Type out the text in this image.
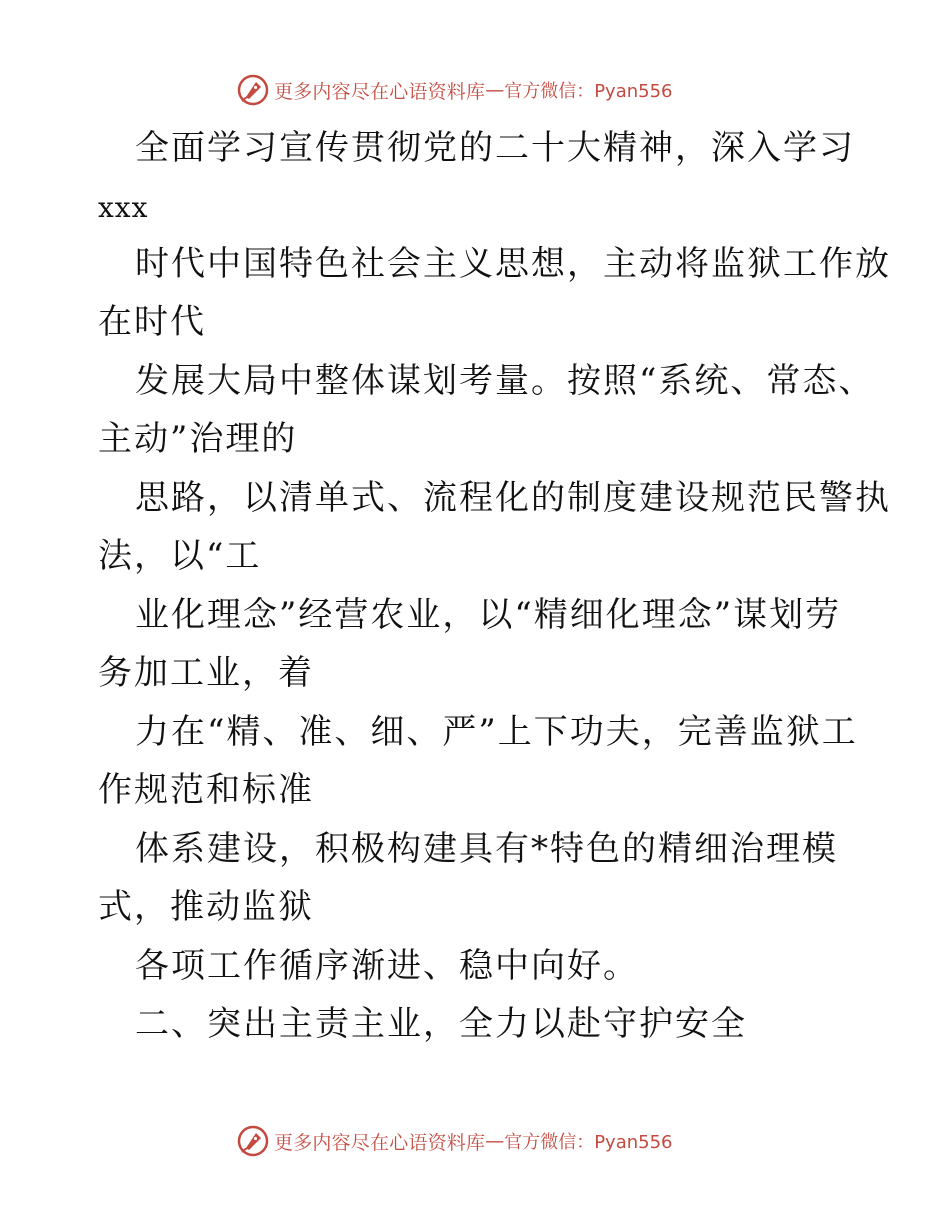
更多内容尽在心语资料库 — 官方微信：Pyan556
全面学习宣传贯彻党的二十大精神，深入学习
xxx
时代中国特色社会主义思想，主动将监狱工作放
在时代
发展大局中整体谋划考量。按照“系统、常态、
主动”治理的
思路，以清单式、流程化的制度建设规范民警执
法，以“工
业化理念”经营农业，以“精细化理念”谋划劳
务加工业，着
力在“精、准、细、严”上下功夫，完善监狱工
作规范和标准
体系建设，积极构建具有*特色的精细治理模
式，推动监狱
各项工作循序渐进、稳中向好。
二、突出主责主业，全力以赴守护安全
更多内容尽在心语资料库 — 官方微信：Pyan556
